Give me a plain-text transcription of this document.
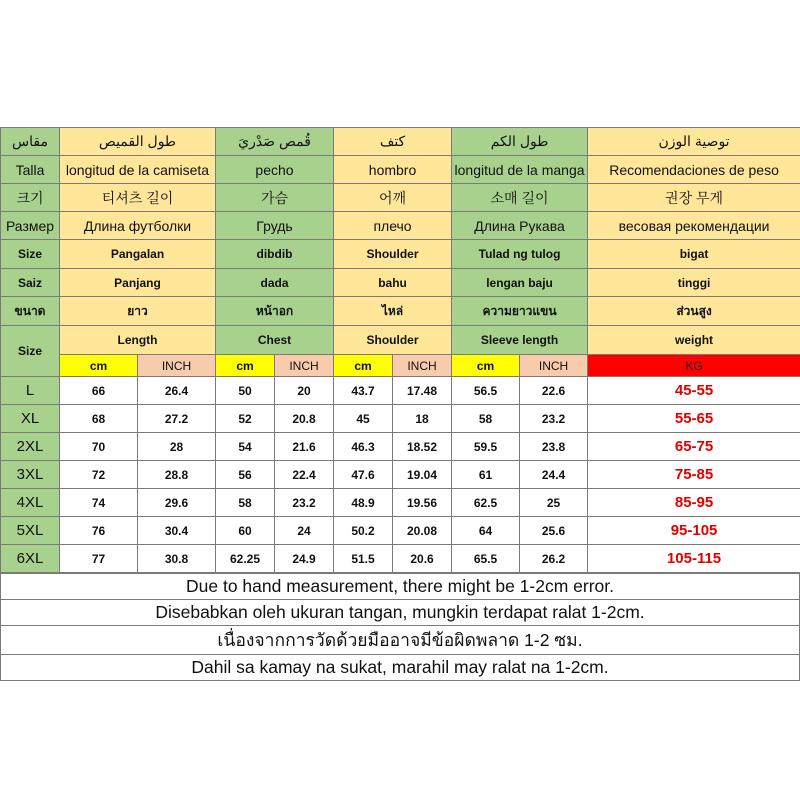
مقاس	طول القميص		قُمص صَدْريَ		كتف		طول الكم		توصية الوزن
Talla	longitud de la camiseta		pecho		hombro		longitud de la manga		Recomendaciones de peso
크기	티셔츠 길이		가슴		어깨		소매 길이		권장 무게
Размер	Длина футболки		Грудь		плечо		Длина Рукава		весовая рекомендации
Size	Pangalan		dibdib		Shoulder		Tulad ng tulog		bigat
Saiz	Panjang		dada		bahu		lengan baju		tinggi
ขนาด	ยาว		หน้าอก		ไหล่		ความยาวแขน		ส่วนสูง
Size	Length		Chest		Shoulder		Sleeve length		weight
	cm	INCH	cm	INCH	cm	INCH	cm	INCH	KG
L	66	26.4	50	20	43.7	17.48	56.5	22.6	45-55
XL	68	27.2	52	20.8	45	18	58	23.2	55-65
2XL	70	28	54	21.6	46.3	18.52	59.5	23.8	65-75
3XL	72	28.8	56	22.4	47.6	19.04	61	24.4	75-85
4XL	74	29.6	58	23.2	48.9	19.56	62.5	25	85-95
5XL	76	30.4	60	24	50.2	20.08	64	25.6	95-105
6XL	77	30.8	62.25	24.9	51.5	20.6	65.5	26.2	105-115
Due to hand measurement, there might be 1-2cm error.
Disebabkan oleh ukuran tangan, mungkin terdapat ralat 1-2cm.
เนื่องจากการวัดด้วยมืออาจมีข้อผิดพลาด 1-2 ซม.
Dahil sa kamay na sukat, marahil may ralat na 1-2cm.
